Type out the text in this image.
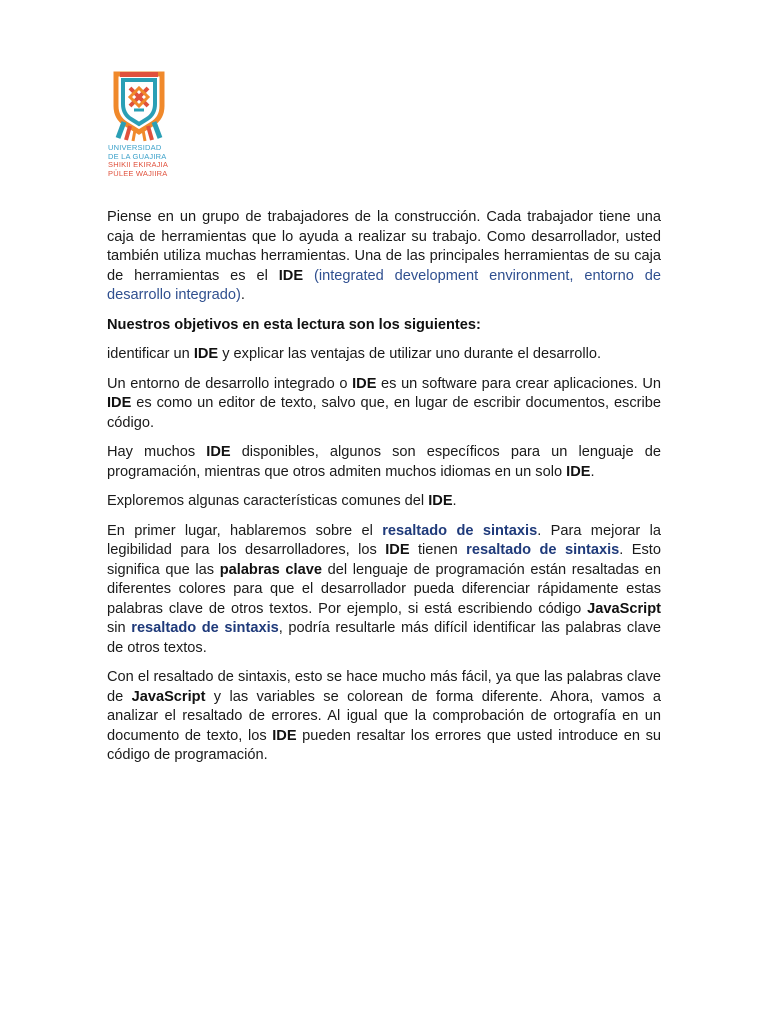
UNIVERSIDAD
DE LA GUAJIRA
SHIKII EKIRAJIA
PÜLEE WAJIIRA

Piense en un grupo de trabajadores de la construcción. Cada trabajador tiene una caja de herramientas que lo ayuda a realizar su trabajo. Como desarrollador, usted también utiliza muchas herramientas. Una de las principales herramientas de su caja de herramientas es el IDE (integrated development environment, entorno de desarrollo integrado).

Nuestros objetivos en esta lectura son los siguientes:

identificar un IDE y explicar las ventajas de utilizar uno durante el desarrollo.

Un entorno de desarrollo integrado o IDE es un software para crear aplicaciones. Un IDE es como un editor de texto, salvo que, en lugar de escribir documentos, escribe código.

Hay muchos IDE disponibles, algunos son específicos para un lenguaje de programación, mientras que otros admiten muchos idiomas en un solo IDE.

Exploremos algunas características comunes del IDE.

En primer lugar, hablaremos sobre el resaltado de sintaxis. Para mejorar la legibilidad para los desarrolladores, los IDE tienen resaltado de sintaxis. Esto significa que las palabras clave del lenguaje de programación están resaltadas en diferentes colores para que el desarrollador pueda diferenciar rápidamente estas palabras clave de otros textos. Por ejemplo, si está escribiendo código JavaScript sin resaltado de sintaxis, podría resultarle más difícil identificar las palabras clave de otros textos.

Con el resaltado de sintaxis, esto se hace mucho más fácil, ya que las palabras clave de JavaScript y las variables se colorean de forma diferente. Ahora, vamos a analizar el resaltado de errores. Al igual que la comprobación de ortografía en un documento de texto, los IDE pueden resaltar los errores que usted introduce en su código de programación.
